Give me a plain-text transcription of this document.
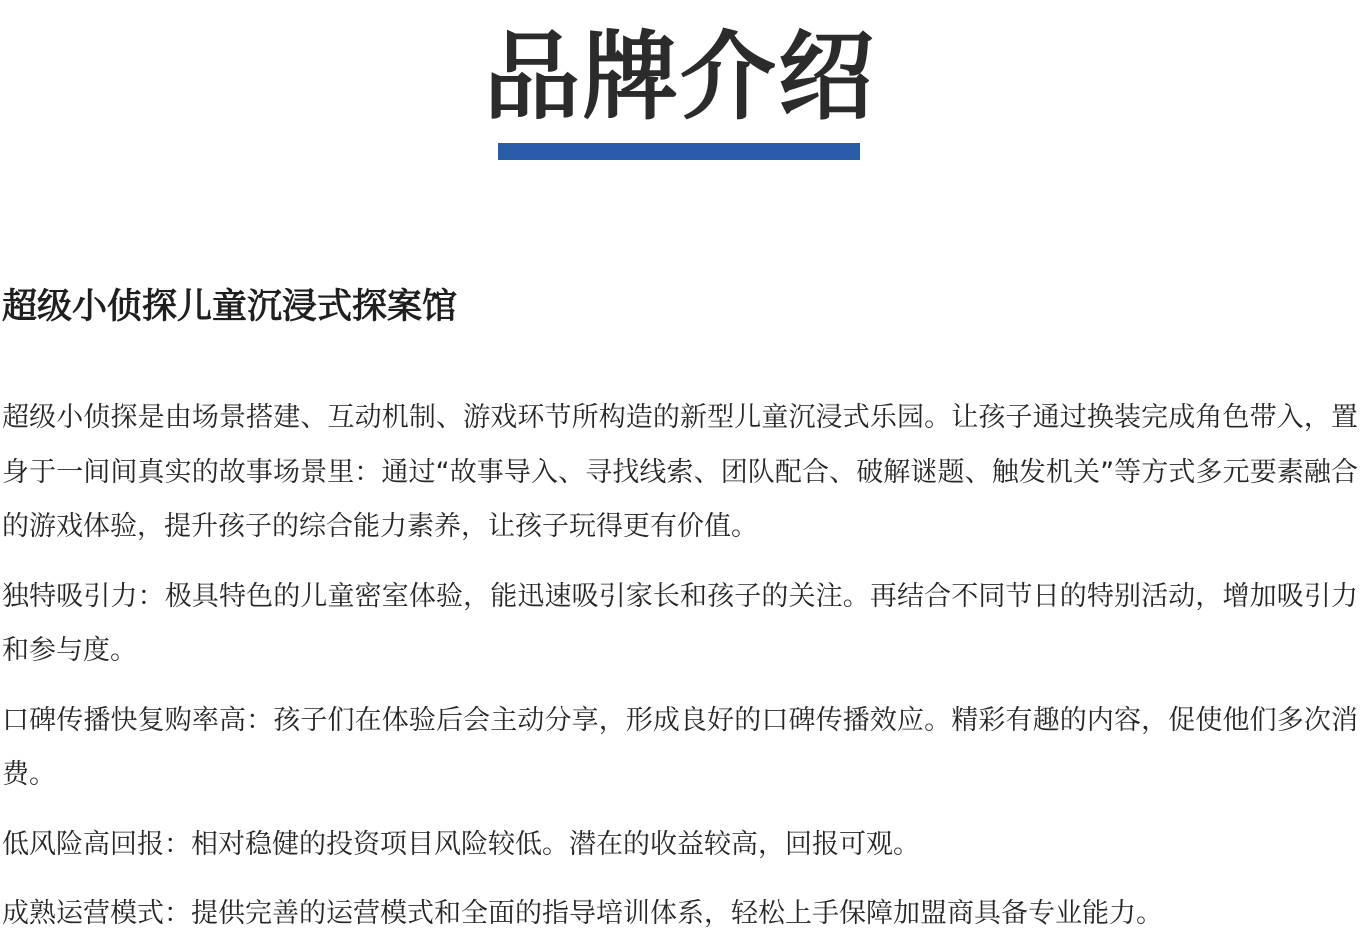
品牌介绍
超级小侦探儿童沉浸式探案馆

超级小侦探是由场景搭建、互动机制、游戏环节所构造的新型儿童沉浸式乐园。让孩子通过换装完成角色带入，置身于一间间真实的故事场景里：通过“故事导入、寻找线索、团队配合、破解谜题、触发机关”等方式多元要素融合的游戏体验，提升孩子的综合能力素养，让孩子玩得更有价值。

独特吸引力：极具特色的儿童密室体验，能迅速吸引家长和孩子的关注。再结合不同节日的特别活动，增加吸引力和参与度。

口碑传播快复购率高：孩子们在体验后会主动分享，形成良好的口碑传播效应。精彩有趣的内容，促使他们多次消费。

低风险高回报：相对稳健的投资项目风险较低。潜在的收益较高，回报可观。

成熟运营模式：提供完善的运营模式和全面的指导培训体系，轻松上手保障加盟商具备专业能力。
